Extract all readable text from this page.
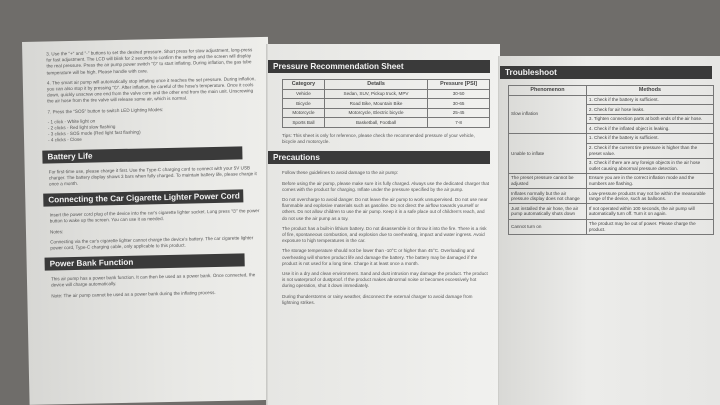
3. Use the "+" and "-" buttons to set the desired pressure. Short press for slow adjustment, long-press for fast adjustment. The LCD will blink for 2 seconds to confirm the setting and the screen will display the real pressure. Press the air pump power switch "⏻" to start inflating. During inflation, the gas tube temperature will be high. Please handle with care.

4. The smart air pump will automatically stop inflating once it reaches the set pressure. During inflation, you can also stop it by pressing "⏻". After inflation, be careful of the hose's temperature. Once it cools down, quickly unscrew one end from the valve core and the other end from the main unit. Unscrewing the air hose from the tire valve will release some air, which is normal.

7. Press the "SOS" button to switch LED Lighting Modes:

- 1 click - White light on
- 2 clicks - Red light slow flashing
- 3 clicks - SOS mode (Red light fast flashing)
- 4 clicks - Close

Battery Life

For first-time use, please charge it first. Use the Type-C charging cord to connect with your 5V USB charger. The battery display shows 3 bars when fully charged. To maintain battery life, please charge it once a month.

Connecting the Car Cigarette Lighter Power Cord

Insert the power cord plug of the device into the car's cigarette lighter socket. Long press "⏻" the power button to wake up the screen. You can use it as needed.

Notes:

Connecting via the car's cigarette lighter cannot charge the device's battery. The car cigarette lighter power cord, Type-C charging cable, only applicable to this product.

Power Bank Function

This air pump has a power bank function. It can then be used as a power bank. Once connected, the device will charge automatically.

Note: The air pump cannot be used as a power bank during the inflating process.

Pressure Recommendation Sheet
Category	Details	Pressure [PSI]
Vehicle	Sedan, SUV, Pickup truck, MPV	30-50
Bicycle	Road Bike, Mountain Bike	30-65
Motorcycle	Motorcycle, Electric bicycle	25-45
Sports Ball	Basketball, Football	7-8

Tips: This sheet is only for reference, please check the recommended pressure of your vehicle, bicycle and motorcycle.

Precautions

Follow these guidelines to avoid damage to the air pump:

Before using the air pump, please make sure it is fully charged. Always use the dedicated charger that comes with the product for charging. Inflate under the pressure specified by the air pump.

Do not overcharge to avoid danger. Do not leave the air pump to work unsupervised. Do not use near flammable and explosive materials such as gasoline. Do not direct the airflow towards yourself or others. Do not allow children to use the air pump. Keep it in a safe place out of children's reach, and do not use the air pump as a toy.

The product has a built-in lithium battery. Do not disassemble it or throw it into the fire. There is a risk of fire, spontaneous combustion, and explosion due to overheating, impact and water ingress. Avoid exposure to high temperatures in the car.

The storage temperature should not be lower than -10°C or higher than 45°C. Overloading and overheating will shorten product life and damage the battery. The battery may be damaged if the product is not used for a long time. Charge it at least once a month.

Use it in a dry and clean environment. Sand and dust intrusion may damage the product. The product is not waterproof or dustproof. If the product makes abnormal noise or becomes excessively hot during operation, shut it down immediately.

During thunderstorms or rainy weather, disconnect the external charger to avoid damage from lightning strikes.

Troubleshoot
Phenomenon	Methods
Slow inflation	1. Check if the battery is sufficient.
	2. Check for air hose leaks.
	3. Tighten connection parts at both ends of the air hose.
	4. Check if the inflated object is leaking.
Unable to inflate	1. Check if the battery is sufficient.
	2. Check if the current tire pressure is higher than the preset value.
	3. Check if there are any foreign objects in the air hose outlet causing abnormal pressure detection.
The preset pressure cannot be adjusted	Ensure you are in the correct inflation mode and the numbers are flashing.
Inflates normally but the air pressure display does not change	Low-pressure products may not be within the measurable range of the device, such as balloons.
Just installed the air hose, the air pump automatically shuts down	If not operated within 100 seconds, the air pump will automatically turn off. Turn it on again.
Cannot turn on	The product may be out of power. Please charge the product.
